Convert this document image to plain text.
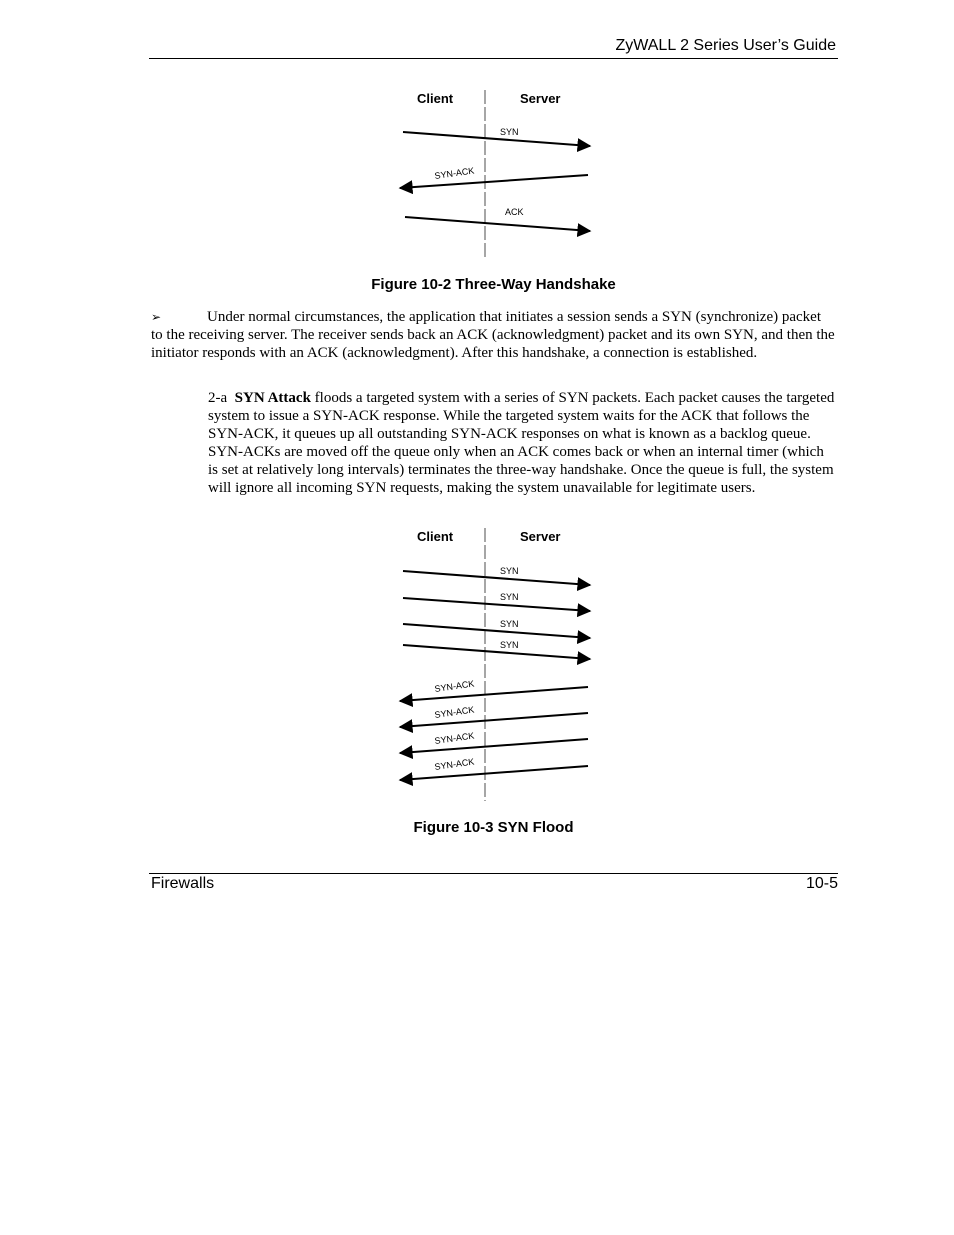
ZyWALL 2 Series User’s Guide
Client	Server
SYN
SYN-ACK
ACK
Figure 10-2 Three-Way Handshake

➢	Under normal circumstances, the application that initiates a session sends a SYN (synchronize) packet to the receiving server. The receiver sends back an ACK (acknowledgment) packet and its own SYN, and then the initiator responds with an ACK (acknowledgment). After this handshake, a connection is established.

2-a SYN Attack floods a targeted system with a series of SYN packets. Each packet causes the targeted system to issue a SYN-ACK response. While the targeted system waits for the ACK that follows the SYN-ACK, it queues up all outstanding SYN-ACK responses on what is known as a backlog queue. SYN-ACKs are moved off the queue only when an ACK comes back or when an internal timer (which is set at relatively long intervals) terminates the three-way handshake. Once the queue is full, the system will ignore all incoming SYN requests, making the system unavailable for legitimate users.

Client	Server
SYN
SYN
SYN
SYN
SYN-ACK
SYN-ACK
SYN-ACK
SYN-ACK
Figure 10-3 SYN Flood
Firewalls	10-5
